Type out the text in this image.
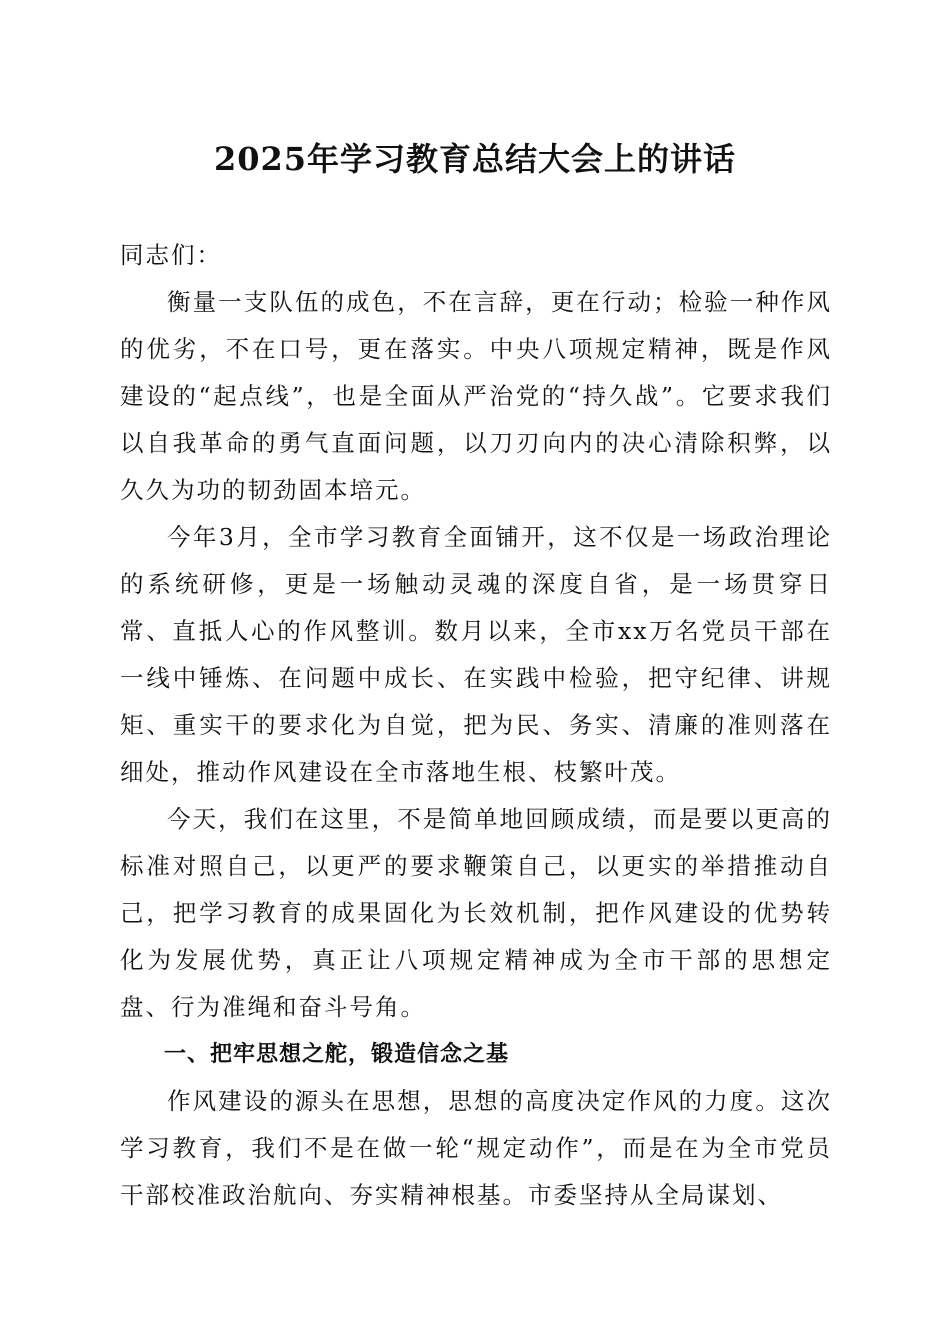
2025年学习教育总结大会上的讲话

同志们：

衡量一支队伍的成色，不在言辞，更在行动；检验一种作风的优劣，不在口号，更在落实。中央八项规定精神，既是作风建设的“起点线”，也是全面从严治党的“持久战”。它要求我们以自我革命的勇气直面问题，以刀刃向内的决心清除积弊，以久久为功的韧劲固本培元。

今年3月，全市学习教育全面铺开，这不仅是一场政治理论的系统研修，更是一场触动灵魂的深度自省，是一场贯穿日常、直抵人心的作风整训。数月以来，全市xx万名党员干部在一线中锤炼、在问题中成长、在实践中检验，把守纪律、讲规矩、重实干的要求化为自觉，把为民、务实、清廉的准则落在细处，推动作风建设在全市落地生根、枝繁叶茂。

今天，我们在这里，不是简单地回顾成绩，而是要以更高的标准对照自己，以更严的要求鞭策自己，以更实的举措推动自己，把学习教育的成果固化为长效机制，把作风建设的优势转化为发展优势，真正让八项规定精神成为全市干部的思想定盘、行为准绳和奋斗号角。

一、把牢思想之舵，锻造信念之基

作风建设的源头在思想，思想的高度决定作风的力度。这次学习教育，我们不是在做一轮“规定动作”，而是在为全市党员干部校准政治航向、夯实精神根基。市委坚持从全局谋划、
